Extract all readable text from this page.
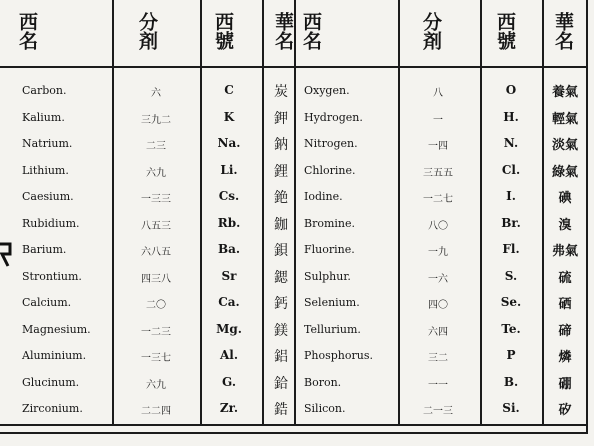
西名	分剤	西號 華名 西名	分剤	西號 華名
Carbon.	六	C	炭
Kalium.	三九二	K	鉀
Natrium.	二三	Na.	鈉
Lithium.	六九	Li.	鋰
Caesium.	一三三	Cs.	銫
Rubidium.	八五三	Rb.	鉫
Barium.	六八五	Ba.	鋇
Strontium.	四三八	Sr	鍶
Calcium.	二〇	Ca.	鈣
Magnesium.	一二三	Mg. 鎂
Aluminium.	一三七	Al.	鋁
Glucinum.	六九	G.	鉿
Zirconium.	二二四	Zr.	鋯
Oxygen.	八	O	養氣
Hydrogen.	一	H.	輕氣
Nitrogen.	一四	N.	淡氣
Chlorine.	三五五	Cl.	綠氣
Iodine.	一二七	I.	碘
Bromine.	八〇	Br.	溴
Fluorine.	一九	Fl.	弗氣
Sulphur.	一六	S.	硫
Selenium.	四〇	Se.	硒
Tellurium.	六四	Te.	碲
Phosphorus.	三二	P	燐
Boron.	一一	B.	硼
Silicon.	二一三	Si.	矽
